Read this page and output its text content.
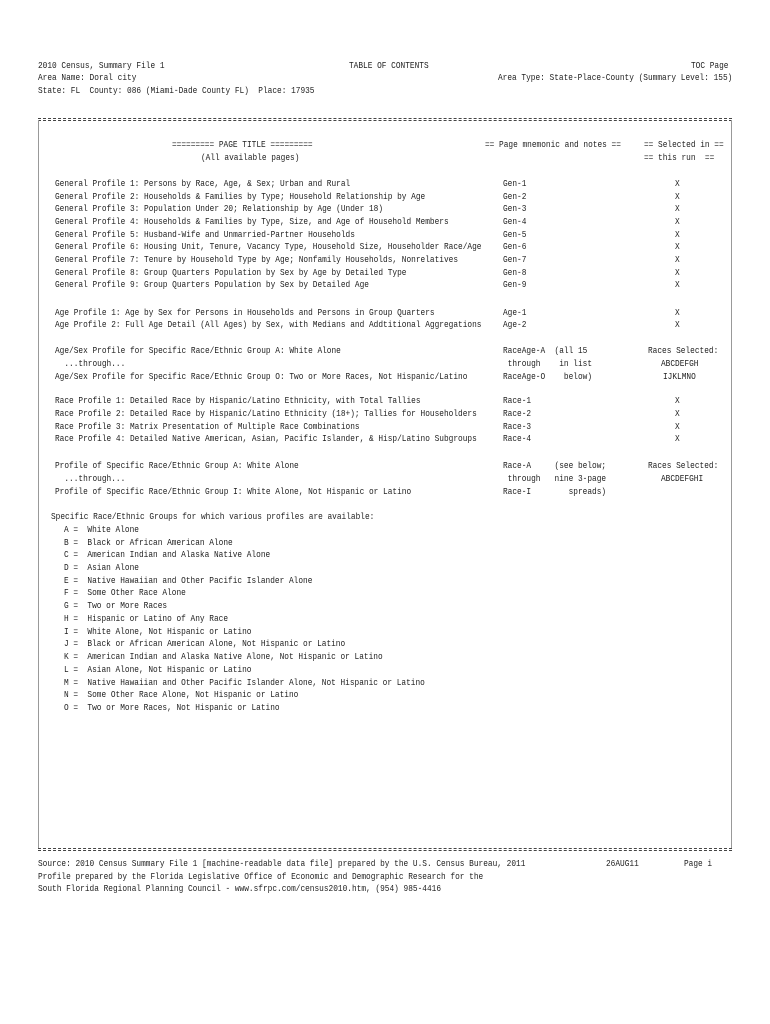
2010 Census, Summary File 1	TABLE OF CONTENTS	TOC Page
Area Name: Doral city	Area Type: State-Place-County (Summary Level: 155)
State: FL  County: 086 (Miami-Dade County FL)  Place: 17935
========= PAGE TITLE =========
(All available pages)
== Page mnemonic and notes == == Selected in ==
== this run  ==
General Profile 1: Persons by Race, Age, & Sex; Urban and Rural	Gen-1	X
General Profile 2: Households & Families by Type; Household Relationship by Age	Gen-2	X
General Profile 3: Population Under 20; Relationship by Age (Under 18)	Gen-3	X
General Profile 4: Households & Families by Type, Size, and Age of Household Members	Gen-4	X
General Profile 5: Husband-Wife and Unmarried-Partner Households	Gen-5	X
General Profile 6: Housing Unit, Tenure, Vacancy Type, Household Size, Householder Race/Age Gen-6	X
General Profile 7: Tenure by Household Type by Age; Nonfamily Households, Nonrelatives	Gen-7	X
General Profile 8: Group Quarters Population by Sex by Age by Detailed Type	Gen-8	X
General Profile 9: Group Quarters Population by Sex by Detailed Age	Gen-9	X
Age Profile 1: Age by Sex for Persons in Households and Persons in Group Quarters	Age-1	X
Age Profile 2: Full Age Detail (All Ages) by Sex, with Medians and Addtitional Aggregations Age-2	X
Age/Sex Profile for Specific Race/Ethnic Group A: White Alone	RaceAge-A  (all 15	Races Selected:
...through...	through    in list	ABCDEFGH
Age/Sex Profile for Specific Race/Ethnic Group O: Two or More Races, Not Hispanic/Latino	RaceAge-O    below)	IJKLMNO
Race Profile 1: Detailed Race by Hispanic/Latino Ethnicity, with Total Tallies	Race-1	X
Race Profile 2: Detailed Race by Hispanic/Latino Ethnicity (18+); Tallies for Householders	Race-2	X
Race Profile 3: Matrix Presentation of Multiple Race Combinations	Race-3	X
Race Profile 4: Detailed Native American, Asian, Pacific Islander, & Hisp/Latino Subgroups	Race-4	X
Profile of Specific Race/Ethnic Group A: White Alone	Race-A     (see below;	Races Selected:
...through...	through   nine 3-page	ABCDEFGHI
Profile of Specific Race/Ethnic Group I: White Alone, Not Hispanic or Latino	Race-I        spreads)
Specific Race/Ethnic Groups for which various profiles are available:
A =  White Alone
B =  Black or African American Alone
C =  American Indian and Alaska Native Alone
D =  Asian Alone
E =  Native Hawaiian and Other Pacific Islander Alone
F =  Some Other Race Alone
G =  Two or More Races
H =  Hispanic or Latino of Any Race
I =  White Alone, Not Hispanic or Latino
J =  Black or African American Alone, Not Hispanic or Latino
K =  American Indian and Alaska Native Alone, Not Hispanic or Latino
L =  Asian Alone, Not Hispanic or Latino
M =  Native Hawaiian and Other Pacific Islander Alone, Not Hispanic or Latino
N =  Some Other Race Alone, Not Hispanic or Latino
O =  Two or More Races, Not Hispanic or Latino
Source: 2010 Census Summary File 1 [machine-readable data file] prepared by the U.S. Census Bureau, 2011	26AUG11	Page i
Profile prepared by the Florida Legislative Office of Economic and Demographic Research for the
South Florida Regional Planning Council - www.sfrpc.com/census2010.htm, (954) 985-4416
